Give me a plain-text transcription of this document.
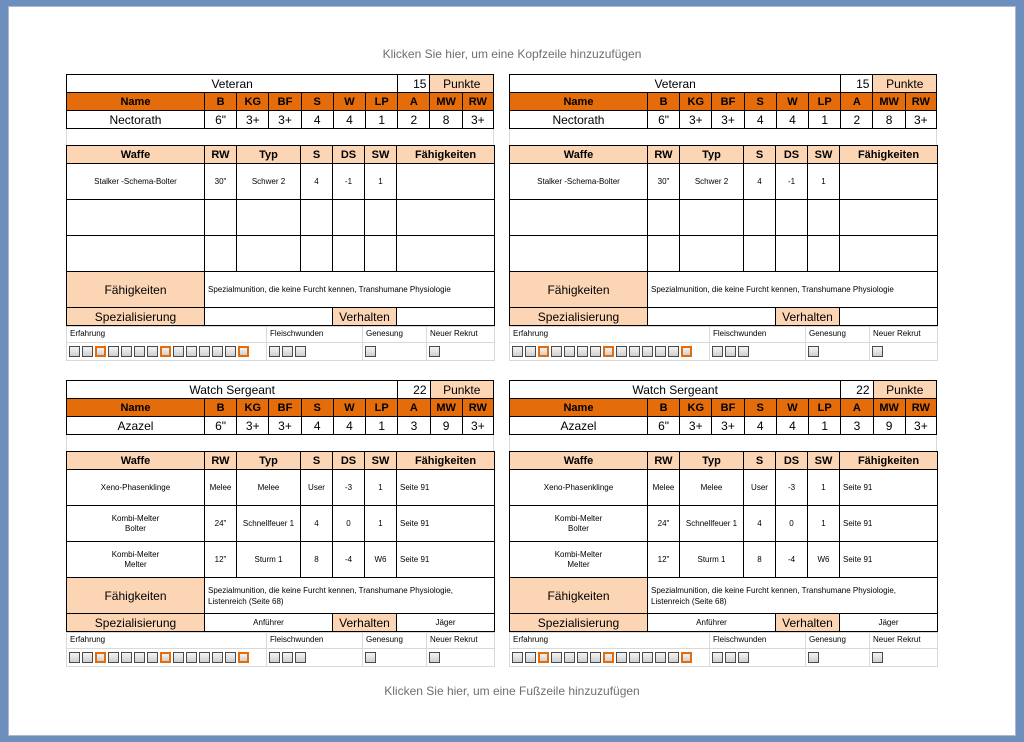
Klicken Sie hier, um eine Kopfzeile hinzuzufügen
Klicken Sie hier, um eine Fußzeile hinzuzufügen
Veteran							15	Punkte	
Name	B	KG	BF	S	W	LP	A	MW	RW
Nectorath	6"	3+	3+	4	4	1	2	8	3+
Waffe	RW	Typ	S	DS	SW	Fähigkeiten
Stalker -Schema-Bolter	30"	Schwer 2	4	-1	1	

Fähigkeiten	Spezialmunition, die keine Furcht kennen, Transhumane Physiologie					
Spezialisierung				Verhalten		
Erfahrung	Fleischwunden	Genesung	Neuer Rekrut

Veteran							15	Punkte	
Name	B	KG	BF	S	W	LP	A	MW	RW
Nectorath	6"	3+	3+	4	4	1	2	8	3+
Waffe	RW	Typ	S	DS	SW	Fähigkeiten
Stalker -Schema-Bolter	30"	Schwer 2	4	-1	1	

Fähigkeiten	Spezialmunition, die keine Furcht kennen, Transhumane Physiologie					
Spezialisierung				Verhalten		
Erfahrung	Fleischwunden	Genesung	Neuer Rekrut

Watch Sergeant							22	Punkte	
Name	B	KG	BF	S	W	LP	A	MW	RW
Azazel	6"	3+	3+	4	4	1	3	9	3+
Waffe	RW	Typ	S	DS	SW	Fähigkeiten
Xeno-Phasenklinge	Melee	Melee	User	-3	1	Seite 91
Kombi-Melter
Bolter	24"	Schnellfeuer 1	4	0	1	Seite 91
Kombi-Melter
Melter	12"	Sturm 1	8	-4	W6	Seite 91
Fähigkeiten	Spezialmunition, die keine Furcht kennen, Transhumane Physiologie, Listenreich (Seite 68)					
Spezialisierung	Anführer			Verhalten		Jäger
Erfahrung	Fleischwunden	Genesung	Neuer Rekrut

Watch Sergeant							22	Punkte	
Name	B	KG	BF	S	W	LP	A	MW	RW
Azazel	6"	3+	3+	4	4	1	3	9	3+
Waffe	RW	Typ	S	DS	SW	Fähigkeiten
Xeno-Phasenklinge	Melee	Melee	User	-3	1	Seite 91
Kombi-Melter
Bolter	24"	Schnellfeuer 1	4	0	1	Seite 91
Kombi-Melter
Melter	12"	Sturm 1	8	-4	W6	Seite 91
Fähigkeiten	Spezialmunition, die keine Furcht kennen, Transhumane Physiologie, Listenreich (Seite 68)					
Spezialisierung	Anführer			Verhalten		Jäger
Erfahrung	Fleischwunden	Genesung	Neuer Rekrut
